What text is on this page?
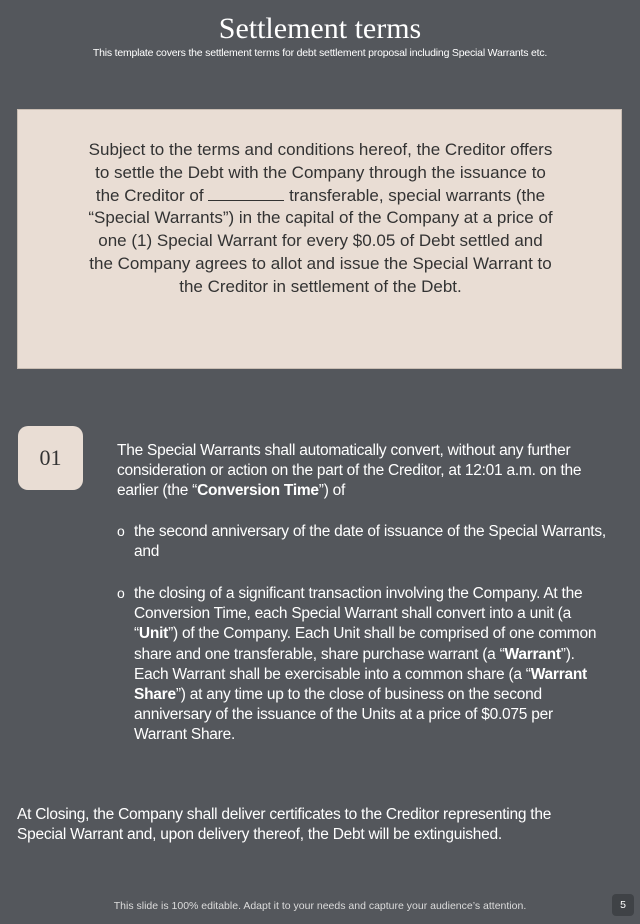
Settlement terms
This template covers the settlement terms for debt settlement proposal including Special Warrants etc.
Subject to the terms and conditions hereof, the Creditor offers to settle the Debt with the Company through the issuance to the Creditor of	transferable, special warrants (the “Special Warrants”) in the capital of the Company at a price of one (1) Special Warrant for every $0.05 of Debt settled and the Company agrees to allot and issue the Special Warrant to the Creditor in settlement of the Debt.
01	The Special Warrants shall automatically convert, without any further consideration or action on the part of the Creditor, at 12:01 a.m. on the earlier (the “Conversion Time”) of
o the second anniversary of the date of issuance of the Special Warrants, and
o the closing of a significant transaction involving the Company. At the Conversion Time, each Special Warrant shall convert into a unit (a “Unit”) of the Company. Each Unit shall be comprised of one common share and one transferable, share purchase warrant (a “Warrant”). Each Warrant shall be exercisable into a common share (a “Warrant Share”) at any time up to the close of business on the second anniversary of the issuance of the Units at a price of $0.075 per Warrant Share.
At Closing, the Company shall deliver certificates to the Creditor representing the Special Warrant and, upon delivery thereof, the Debt will be extinguished.
This slide is 100% editable. Adapt it to your needs and capture your audience’s attention.	5
